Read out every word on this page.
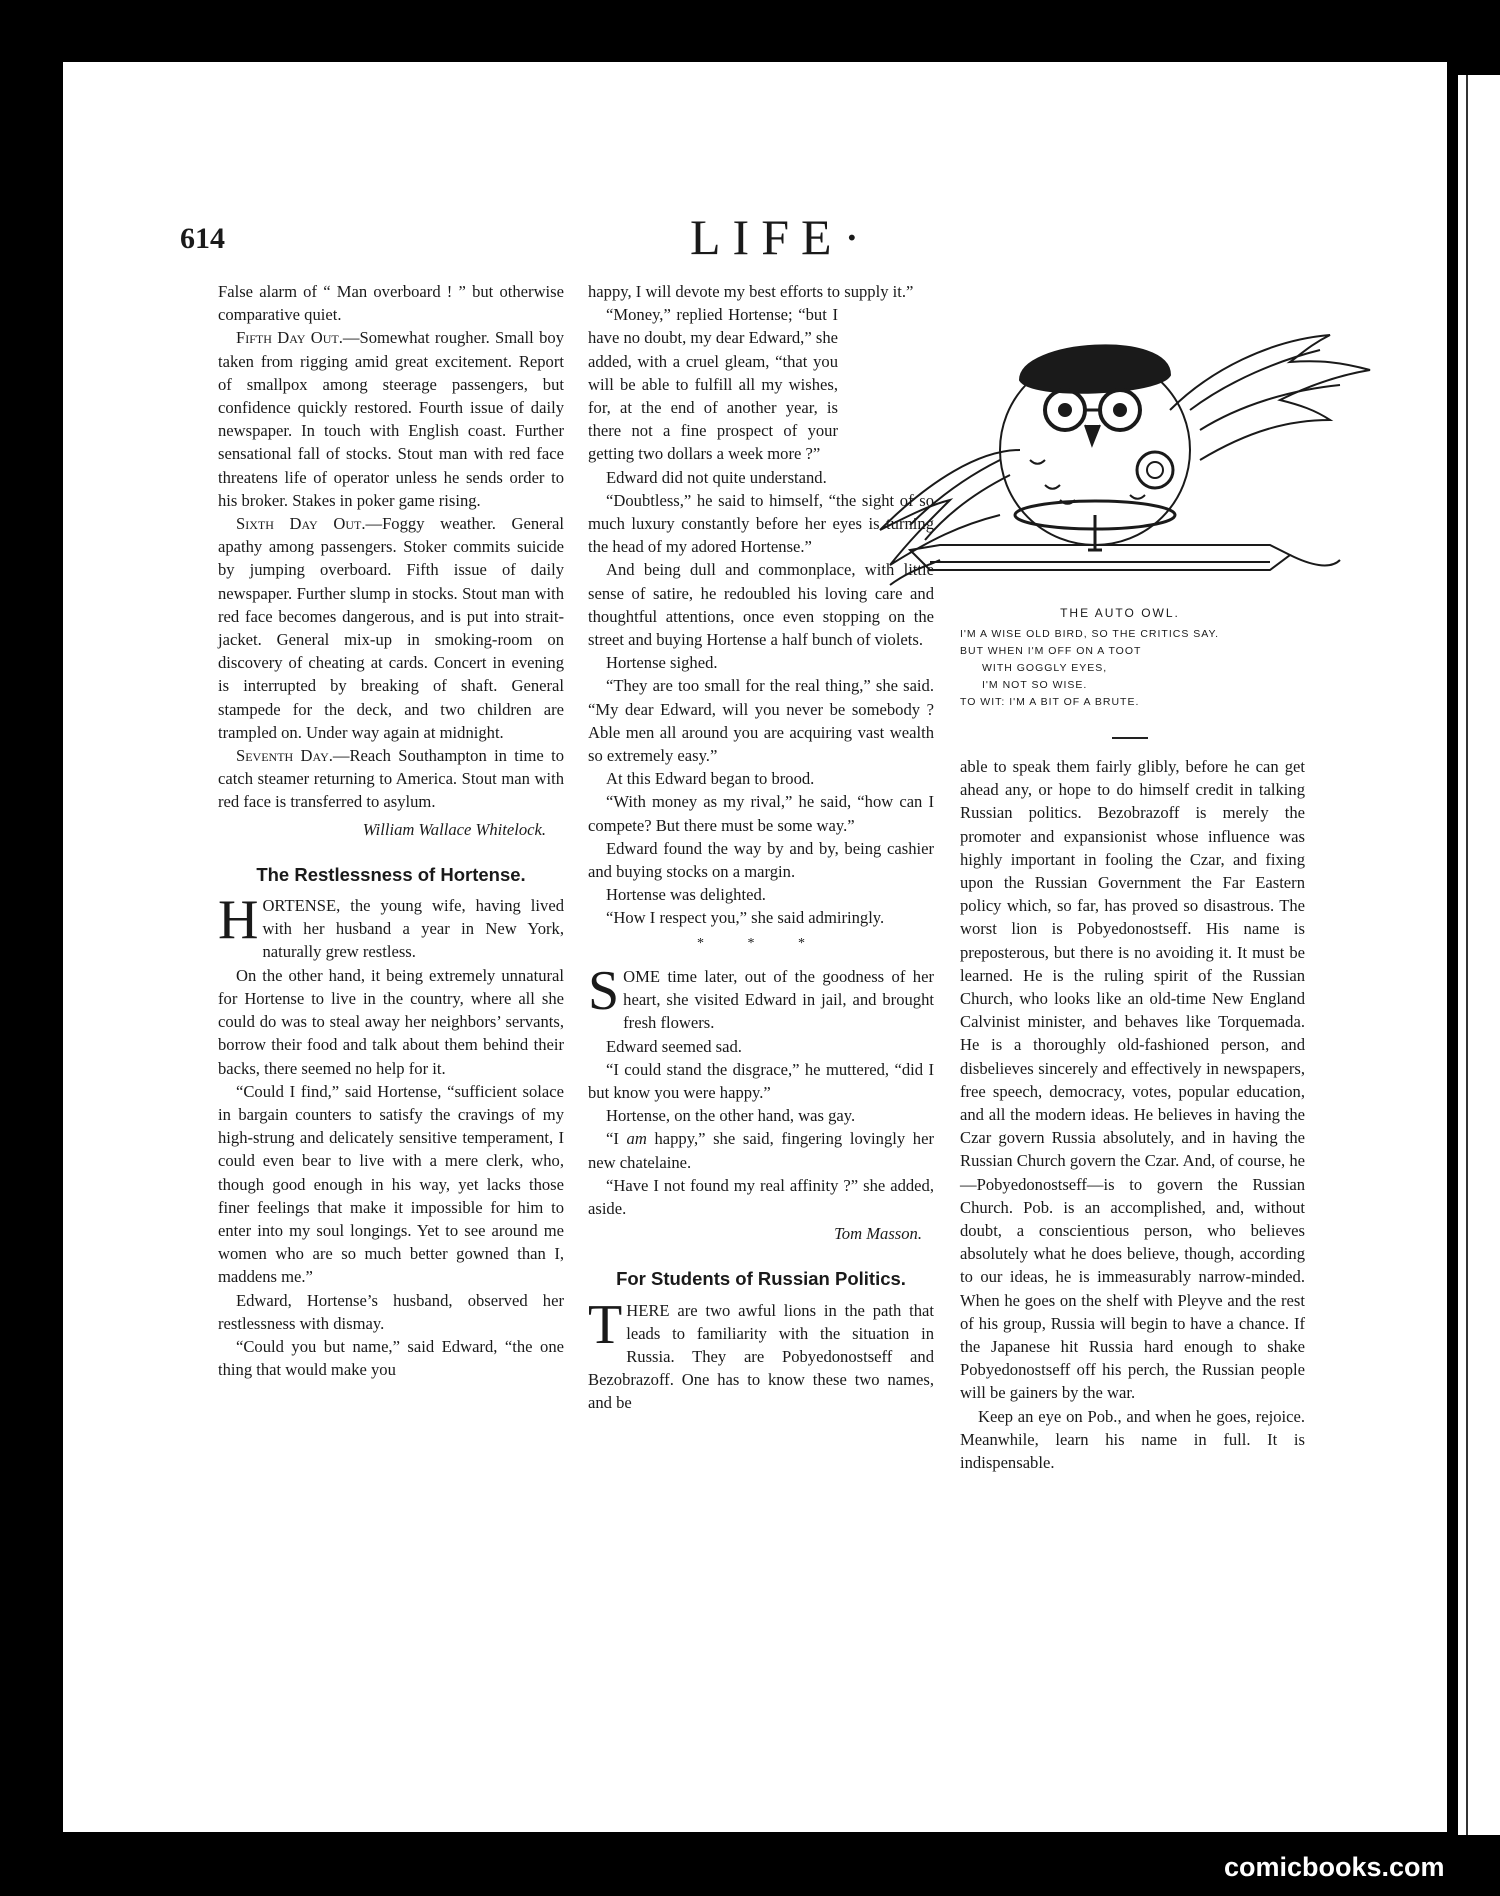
614	LIFE·

False alarm of “ Man overboard ! ” but otherwise comparative quiet.

Fifth Day Out.—Somewhat rougher. Small boy taken from rigging amid great excitement. Report of smallpox among steerage passengers, but confidence quickly restored. Fourth issue of daily newspaper. In touch with English coast. Further sensational fall of stocks. Stout man with red face threatens life of operator unless he sends order to his broker. Stakes in poker game rising.

Sixth Day Out.—Foggy weather. General apathy among passengers. Stoker commits suicide by jumping overboard. Fifth issue of daily newspaper. Further slump in stocks. Stout man with red face becomes dangerous, and is put into strait-jacket. General mix-up in smoking-room on discovery of cheating at cards. Concert in evening is interrupted by breaking of shaft. General stampede for the deck, and two children are trampled on. Under way again at midnight.

Seventh Day.—Reach Southampton in time to catch steamer returning to America. Stout man with red face is transferred to asylum.

William Wallace Whitelock.
The Restlessness of Hortense.

HORTENSE, the young wife, having lived with her husband a year in New York, naturally grew restless.

On the other hand, it being extremely unnatural for Hortense to live in the country, where all she could do was to steal away her neighbors’ servants, borrow their food and talk about them behind their backs, there seemed no help for it.

“Could I find,” said Hortense, “sufficient solace in bargain counters to satisfy the cravings of my high-strung and delicately sensitive temperament, I could even bear to live with a mere clerk, who, though good enough in his way, yet lacks those finer feelings that make it impossible for him to enter into my soul longings. Yet to see around me women who are so much better gowned than I, maddens me.”

Edward, Hortense’s husband, observed her restlessness with dismay.

“Could you but name,” said Edward, “the one thing that would make you

happy, I will devote my best efforts to supply it.”

“Money,” replied Hortense; “but I have no doubt, my dear Edward,” she added, with a cruel gleam, “that you will be able to fulfill all my wishes, for, at the end of another year, is there not a fine prospect of your getting two dollars a week more ?”

Edward did not quite understand.

“Doubtless,” he said to himself, “the sight of so much luxury constantly before her eyes is turning the head of my adored Hortense.”

And being dull and commonplace, with little sense of satire, he redoubled his loving care and thoughtful attentions, once even stopping on the street and buying Hortense a half bunch of violets.

Hortense sighed.

“They are too small for the real thing,” she said. “My dear Edward, will you never be somebody ? Able men all around you are acquiring vast wealth so extremely easy.”

At this Edward began to brood.

“With money as my rival,” he said, “how can I compete? But there must be some way.”

Edward found the way by and by, being cashier and buying stocks on a margin.

Hortense was delighted.

“How I respect you,” she said admiringly.

* * *

SOME time later, out of the goodness of her heart, she visited Edward in jail, and brought fresh flowers.

Edward seemed sad.

“I could stand the disgrace,” he muttered, “did I but know you were happy.”

Hortense, on the other hand, was gay.

“I am happy,” she said, fingering lovingly her new chatelaine.

“Have I not found my real affinity ?” she added, aside.

Tom Masson.
For Students of Russian Politics.

THERE are two awful lions in the path that leads to familiarity with the situation in Russia. They are Pobyedonostseff and Bezobrazoff. One has to know these two names, and be

THE AUTO OWL.
I'M A WISE OLD BIRD, SO THE CRITICS SAY.
BUT WHEN I'M OFF ON A TOOT
WITH GOGGLY EYES,
I'M NOT SO WISE.
TO WIT: I'M A BIT OF A BRUTE.

able to speak them fairly glibly, before he can get ahead any, or hope to do himself credit in talking Russian politics. Bezobrazoff is merely the promoter and expansionist whose influence was highly important in fooling the Czar, and fixing upon the Russian Government the Far Eastern policy which, so far, has proved so disastrous. The worst lion is Pobyedonostseff. His name is preposterous, but there is no avoiding it. It must be learned. He is the ruling spirit of the Russian Church, who looks like an old-time New England Calvinist minister, and behaves like Torquemada. He is a thoroughly old-fashioned person, and disbelieves sincerely and effectively in newspapers, free speech, democracy, votes, popular education, and all the modern ideas. He believes in having the Czar govern Russia absolutely, and in having the Russian Church govern the Czar. And, of course, he—Pobyedonostseff—is to govern the Russian Church. Pob. is an accomplished, and, without doubt, a conscientious person, who believes absolutely what he does believe, though, according to our ideas, he is immeasurably narrow-minded. When he goes on the shelf with Pleyve and the rest of his group, Russia will begin to have a chance. If the Japanese hit Russia hard enough to shake Pobyedonostseff off his perch, the Russian people will be gainers by the war.

Keep an eye on Pob., and when he goes, rejoice. Meanwhile, learn his name in full. It is indispensable.

comicbooks.com
